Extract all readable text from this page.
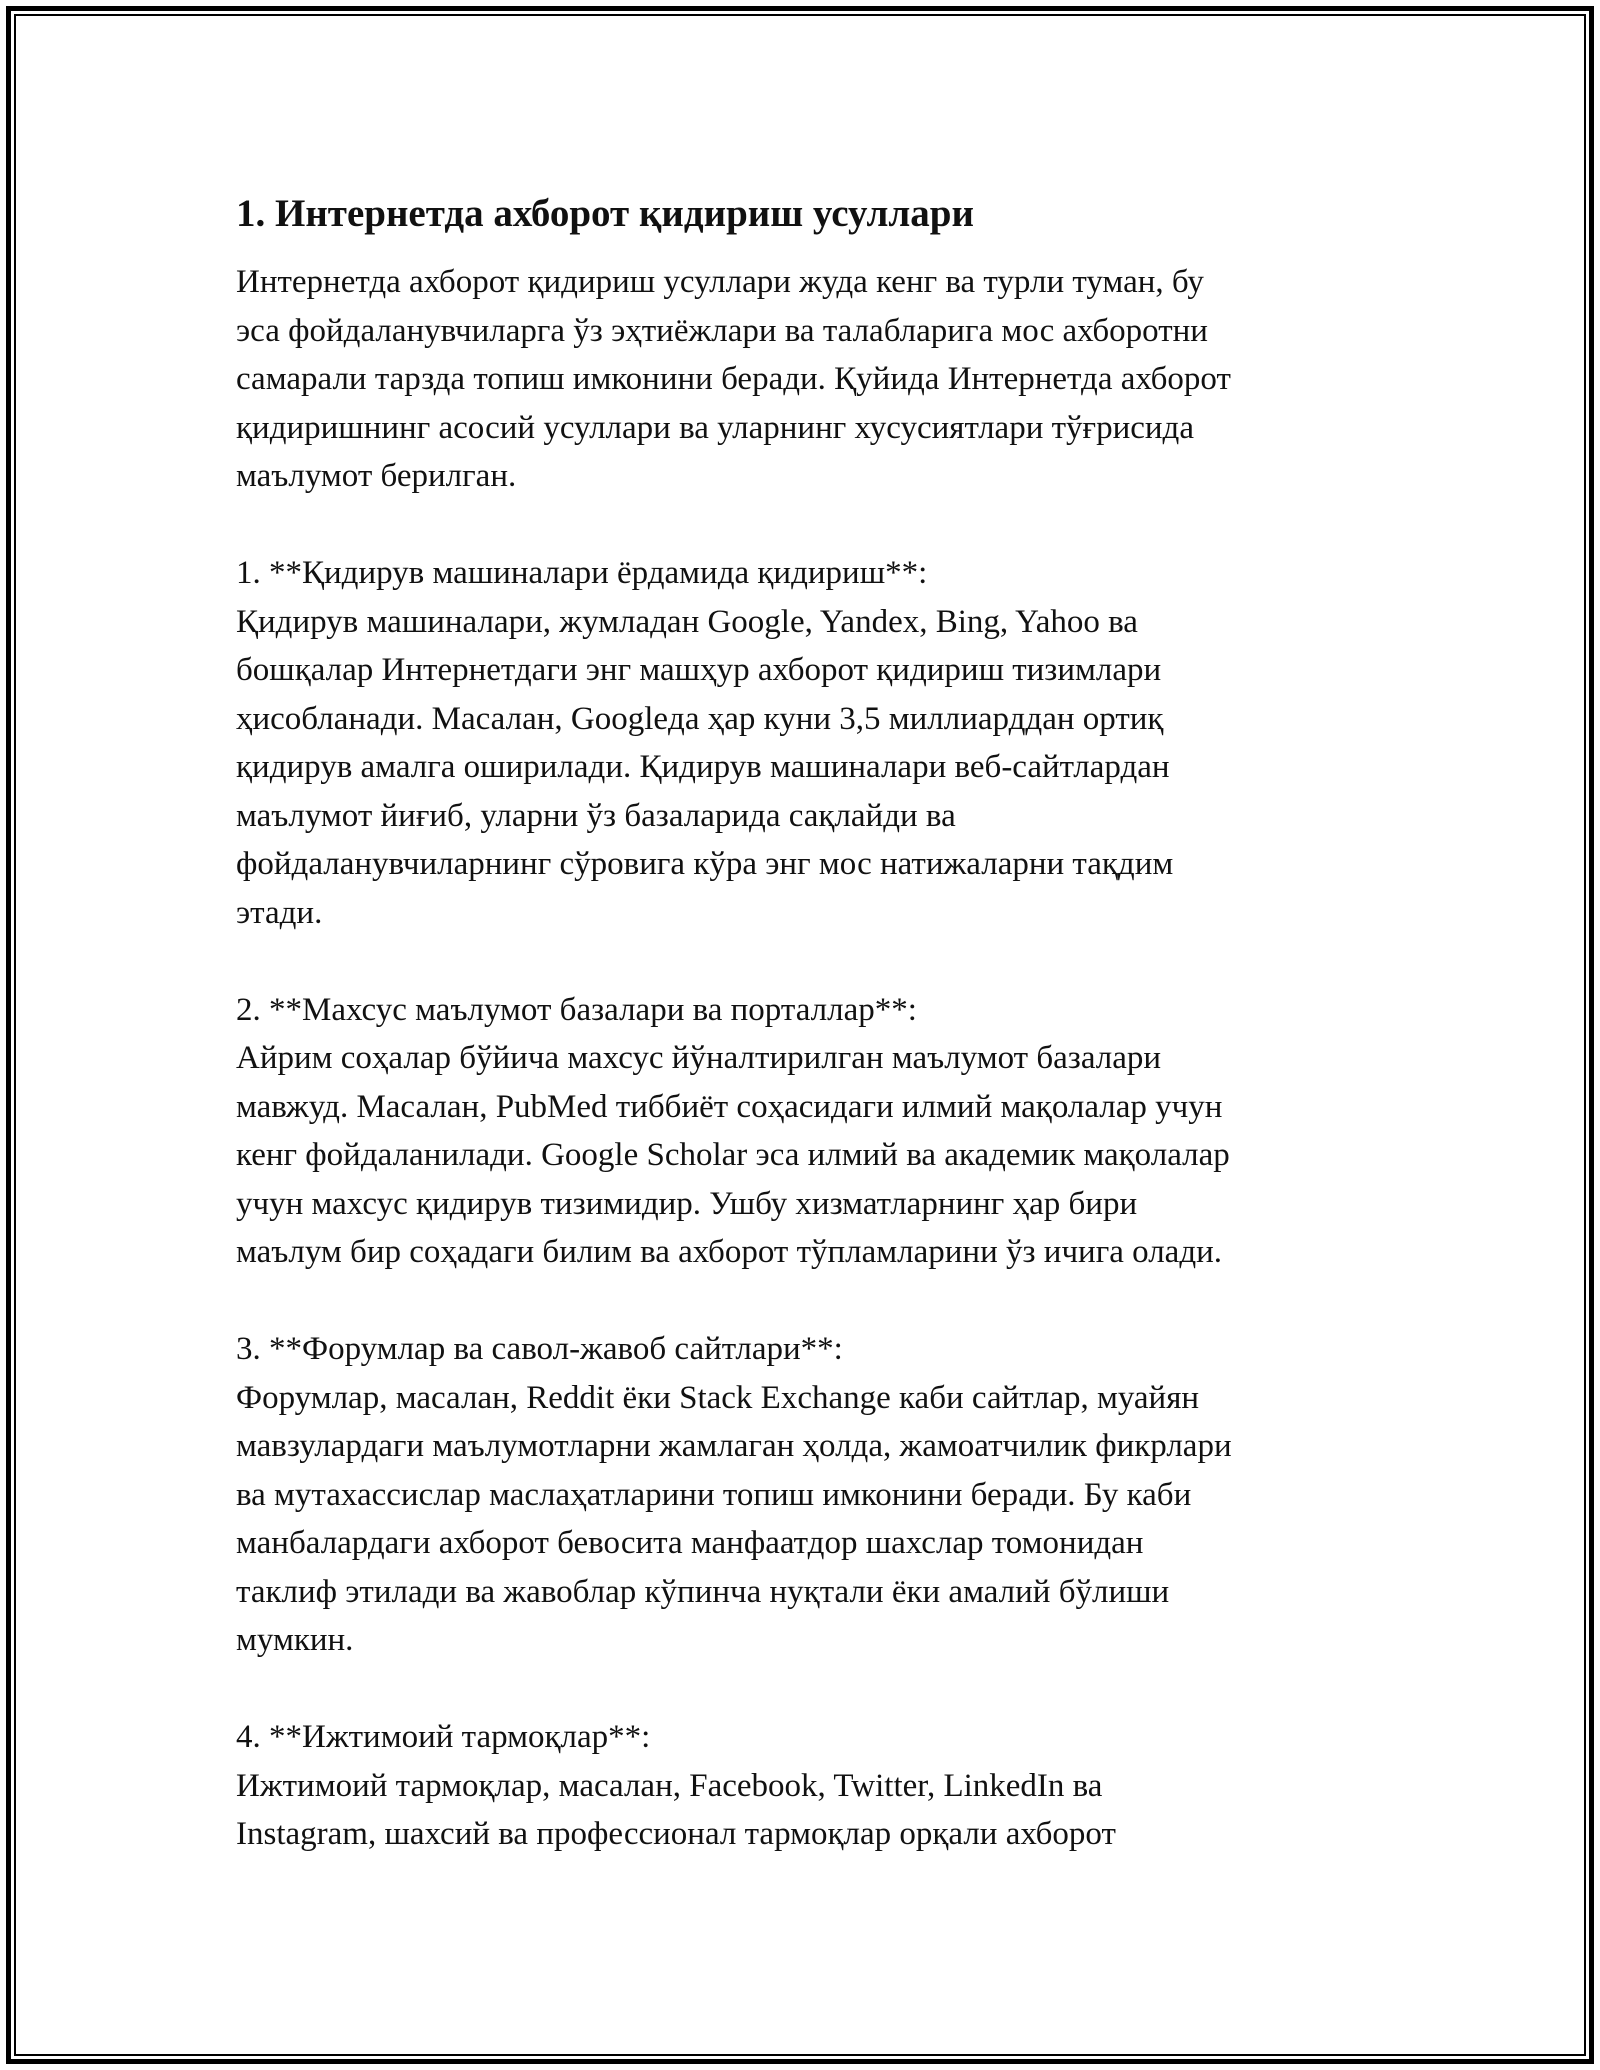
1. Интернетда ахборот қидириш усуллари
Интернетда ахборот қидириш усуллари жуда кенг ва турли туман, бу
эса фойдаланувчиларга ўз эҳтиёжлари ва талабларига мос ахборотни
самарали тарзда топиш имконини беради. Қуйида Интернетда ахборот
қидиришнинг асосий усуллари ва уларнинг хусусиятлари тўғрисида
маълумот берилган.
1. **Қидирув машиналари ёрдамида қидириш**:
Қидирув машиналари, жумладан Google, Yandex, Bing, Yahoo ва
бошқалар Интернетдаги энг машҳур ахборот қидириш тизимлари
ҳисобланади. Масалан, Googleда ҳар куни 3,5 миллиарддан ортиқ
қидирув амалга оширилади. Қидирув машиналари веб-сайтлардан
маълумот йиғиб, уларни ўз базаларида сақлайди ва
фойдаланувчиларнинг сўровига кўра энг мос натижаларни тақдим
этади.
2. **Махсус маълумот базалари ва порталлар**:
Айрим соҳалар бўйича махсус йўналтирилган маълумот базалари
мавжуд. Масалан, PubMed тиббиёт соҳасидаги илмий мақолалар учун
кенг фойдаланилади. Google Scholar эса илмий ва академик мақолалар
учун махсус қидирув тизимидир. Ушбу хизматларнинг ҳар бири
маълум бир соҳадаги билим ва ахборот тўпламларини ўз ичига олади.
3. **Форумлар ва савол-жавоб сайтлари**:
Форумлар, масалан, Reddit ёки Stack Exchange каби сайтлар, муайян
мавзулардаги маълумотларни жамлаган ҳолда, жамоатчилик фикрлари
ва мутахассислар маслаҳатларини топиш имконини беради. Бу каби
манбалардаги ахборот бевосита манфаатдор шахслар томонидан
таклиф этилади ва жавоблар кўпинча нуқтали ёки амалий бўлиши
мумкин.
4. **Ижтимоий тармоқлар**:
Ижтимоий тармоқлар, масалан, Facebook, Twitter, LinkedIn ва
Instagram, шахсий ва профессионал тармоқлар орқали ахборот
